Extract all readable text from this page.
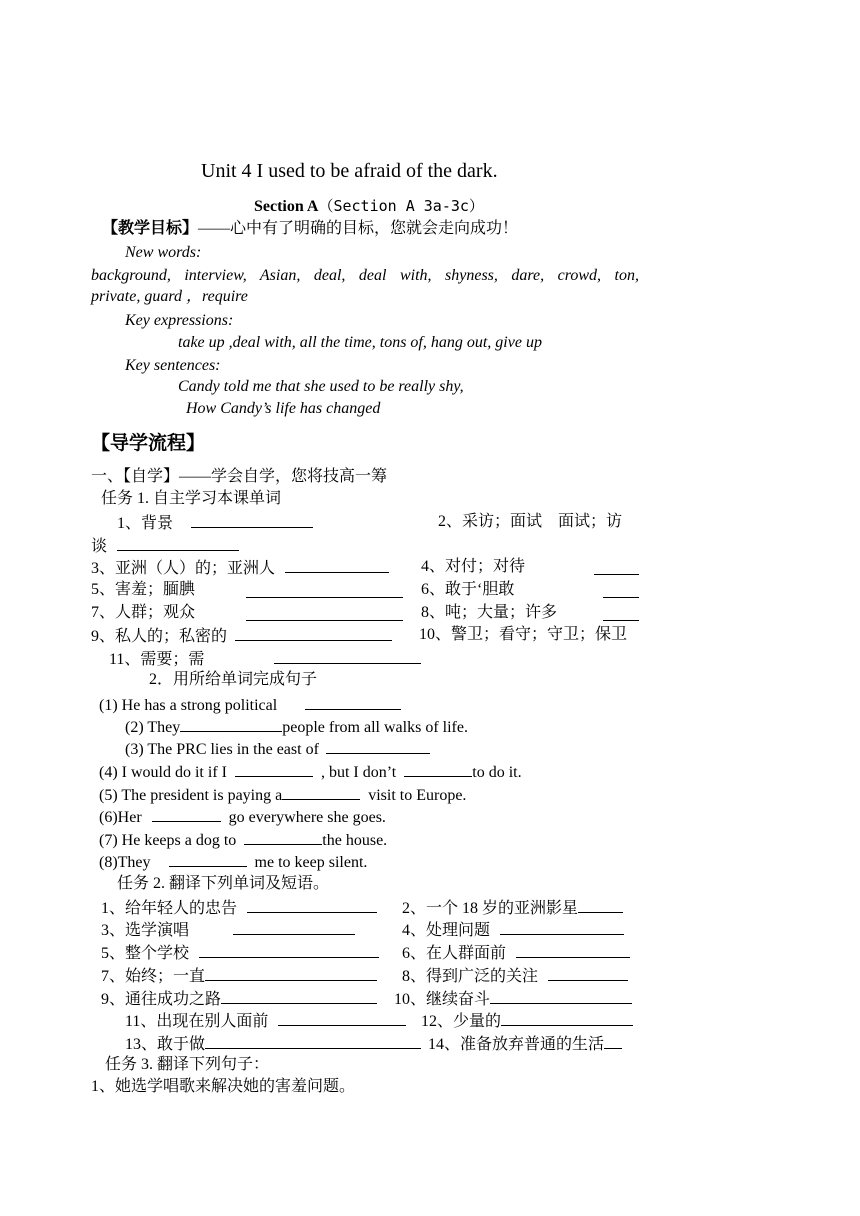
Unit 4 I used to be afraid of the dark.
Section A（Section A 3a-3c）
【教学目标】——心中有了明确的目标，您就会走向成功！
New words:
background, interview, Asian, deal, deal with, shyness, dare, crowd, ton,
private, guard ，require
Key expressions:
take up ,deal with, all the time, tons of, hang out, give up
Key sentences:
Candy told me that she used to be really shy,
How Candy’s life has changed
【导学流程】
一、【自学】——学会自学，您将技高一筹
任务 1. 自主学习本课单词
1、背景	2、采访；面试　面试；访
谈
3、亚洲（人）的；亚洲人	4、对付；对待
5、害羞；腼腆	6、敢于‘胆敢
7、人群；观众	8、吨；大量；许多
9、私人的；私密的	10、警卫；看守；守卫；保卫
11、需要；需
2．用所给单词完成句子
(1) He has a strong political
(2) They	people from all walks of life.
(3) The PRC lies in the east of
(4) I would do it if I	, but I don’t	to do it.
(5) The president is paying a	visit to Europe.
(6)Her	go everywhere she goes.
(7) He keeps a dog to	the house.
(8)They	me to keep silent.
任务 2. 翻译下列单词及短语。
1、给年轻人的忠告	2、一个 18 岁的亚洲影星
3、选学演唱	4、处理问题
5、整个学校	6、在人群面前
7、始终；一直	8、得到广泛的关注
9、通往成功之路	10、继续奋斗
11、出现在别人面前	12、少量的
13、敢于做	14、准备放弃普通的生活
任务 3. 翻译下列句子：
1、她选学唱歌来解决她的害羞问题。
